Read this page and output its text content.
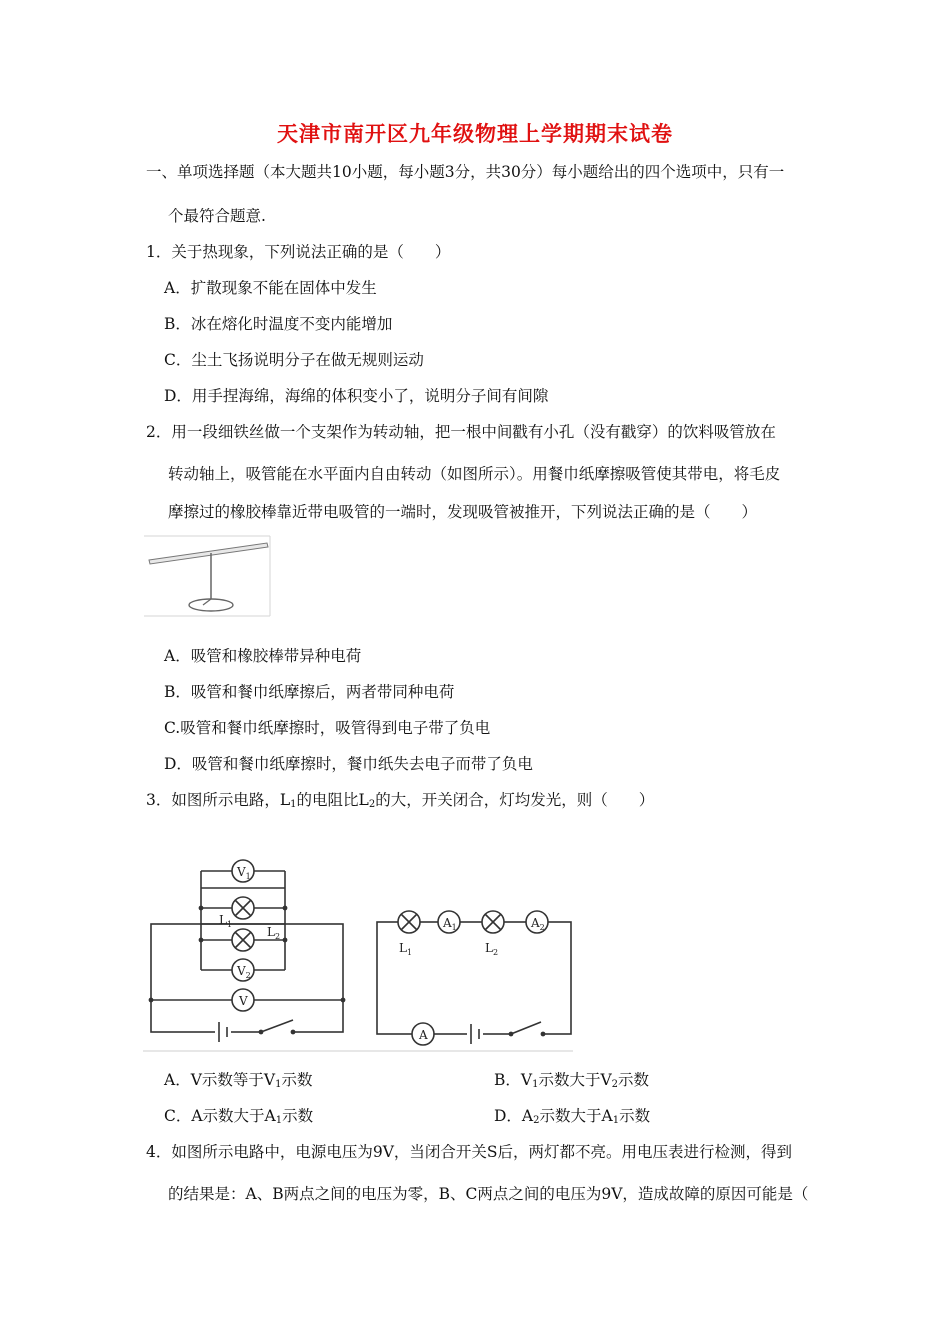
天津市南开区九年级物理上学期期末试卷
一、单项选择题（本大题共10小题，每小题3分，共30分）每小题给出的四个选项中，只有一
个最符合题意.
1．关于热现象，下列说法正确的是（　　）
A．扩散现象不能在固体中发生
B．冰在熔化时温度不变内能增加
C．尘土飞扬说明分子在做无规则运动
D．用手捏海绵，海绵的体积变小了，说明分子间有间隙
2．用一段细铁丝做一个支架作为转动轴，把一根中间戳有小孔（没有戳穿）的饮料吸管放在
转动轴上，吸管能在水平面内自由转动（如图所示）。用餐巾纸摩擦吸管使其带电，将毛皮
摩擦过的橡胶棒靠近带电吸管的一端时，发现吸管被推开，下列说法正确的是（　　）
A．吸管和橡胶棒带异种电荷
B．吸管和餐巾纸摩擦后，两者带同种电荷
C.吸管和餐巾纸摩擦时，吸管得到电子带了负电
D．吸管和餐巾纸摩擦时，餐巾纸失去电子而带了负电
3．如图所示电路，$L_1$的电阻比$L_2$的大，开关闭合，灯均发光，则（　　）
$V_1$
$L_1$
$L_2$
$V_2$
V
$A_1$	$A_2$
A
$L_1$	$L_2$
A．V示数等于$V_1$示数	B．$V_1$示数大于$V_2$示数
C．A示数大于$A_1$示数	D．$A_2$示数大于$A_1$示数
4．如图所示电路中，电源电压为9V，当闭合开关S后，两灯都不亮。用电压表进行检测，得到
的结果是：A、B两点之间的电压为零，B、C两点之间的电压为9V，造成故障的原因可能是（
